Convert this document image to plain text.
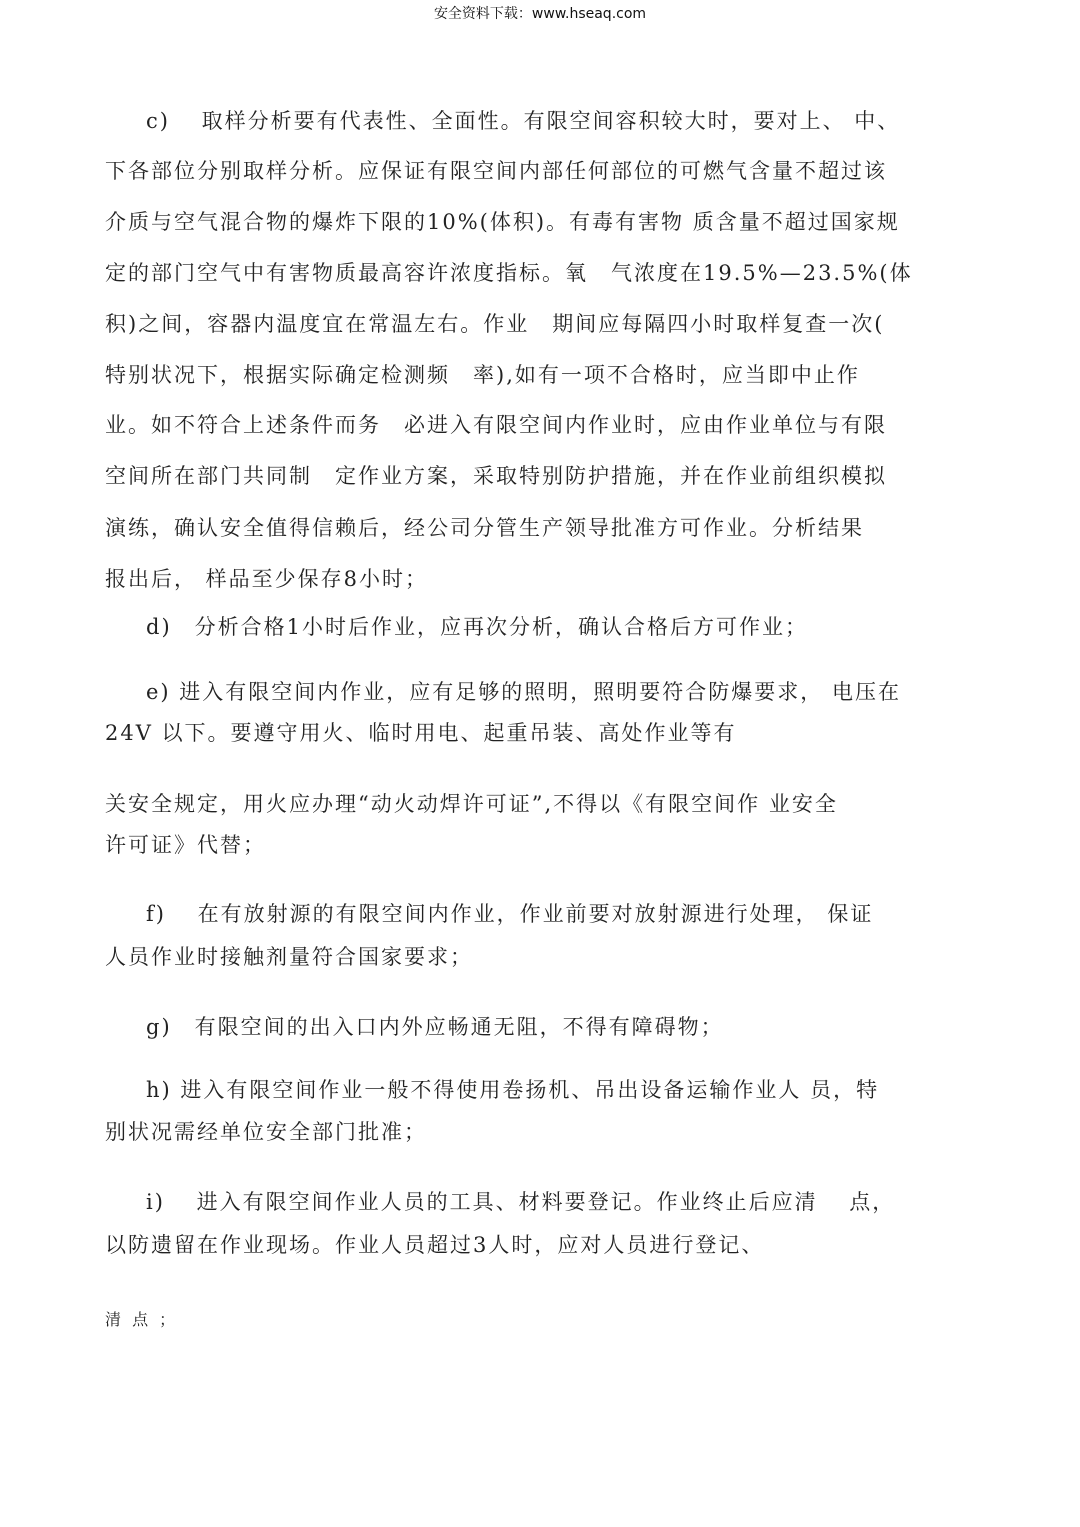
安全资料下载：www.hseaq.com
c)　 取样分析要有代表性、全面性。有限空间容积较大时，要对上、 中、
下各部位分别取样分析。应保证有限空间内部任何部位的可燃气含量不超过该
介质与空气混合物的爆炸下限的10%(体积)。有毒有害物 质含量不超过国家规
定的部门空气中有害物质最高容许浓度指标。氧　气浓度在19.5%—23.5%(体
积)之间，容器内温度宜在常温左右。作业　期间应每隔四小时取样复查一次(
特别状况下，根据实际确定检测频　率),如有一项不合格时，应当即中止作
业。如不符合上述条件而务　必进入有限空间内作业时，应由作业单位与有限
空间所在部门共同制　定作业方案，采取特别防护措施，并在作业前组织模拟
演练，确认安全值得信赖后，经公司分管生产领导批准方可作业。分析结果
报出后， 样品至少保存8小时；
d)　分析合格1小时后作业，应再次分析，确认合格后方可作业；
e) 进入有限空间内作业，应有足够的照明，照明要符合防爆要求， 电压在
24V 以下。要遵守用火、临时用电、起重吊装、高处作业等有
关安全规定，用火应办理“动火动焊许可证”,不得以《有限空间作 业安全
许可证》代替；
f)　 在有放射源的有限空间内作业，作业前要对放射源进行处理， 保证
人员作业时接触剂量符合国家要求；
g)　有限空间的出入口内外应畅通无阻，不得有障碍物；
h) 进入有限空间作业一般不得使用卷扬机、吊出设备运输作业人 员，特
别状况需经单位安全部门批准；
i)　 进入有限空间作业人员的工具、材料要登记。作业终止后应清　 点，
以防遗留在作业现场。作业人员超过3人时，应对人员进行登记、
清 点 ；
